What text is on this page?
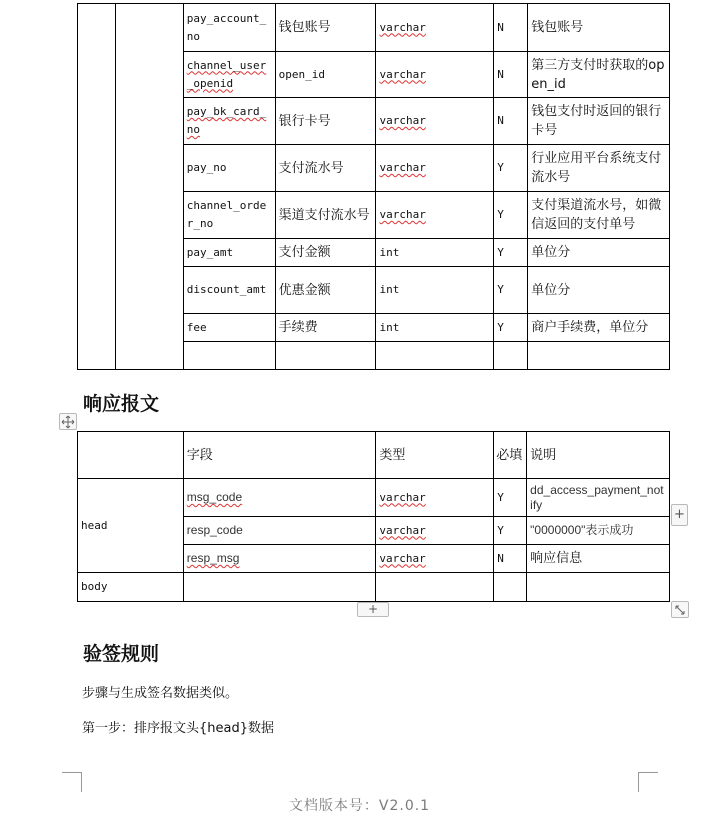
		pay_account_no	钱包账号	varchar	N	钱包账号
		channel_user_openid	open_id	varchar	N	第三方支付时获取的open_id
		pay_bk_card_no	银行卡号	varchar	N	钱包支付时返回的银行卡号
		pay_no	支付流水号	varchar	Y	行业应用平台系统支付流水号
		channel_order_no	渠道支付流水号	varchar	Y	支付渠道流水号，如微信返回的支付单号
		pay_amt	支付金额	int	Y	单位分
		discount_amt	优惠金额	int	Y	单位分
		fee	手续费	int	Y	商户手续费，单位分

响应报文
	字段	类型	必填	说明
head	msg_code	varchar	Y	dd_access_payment_notify
	resp_code	varchar	Y	"0000000"表示成功
	resp_msg	varchar	N	响应信息
body				
+
+
验签规则

步骤与生成签名数据类似。

第一步：排序报文头{head}数据

文档版本号：V2.0.1
